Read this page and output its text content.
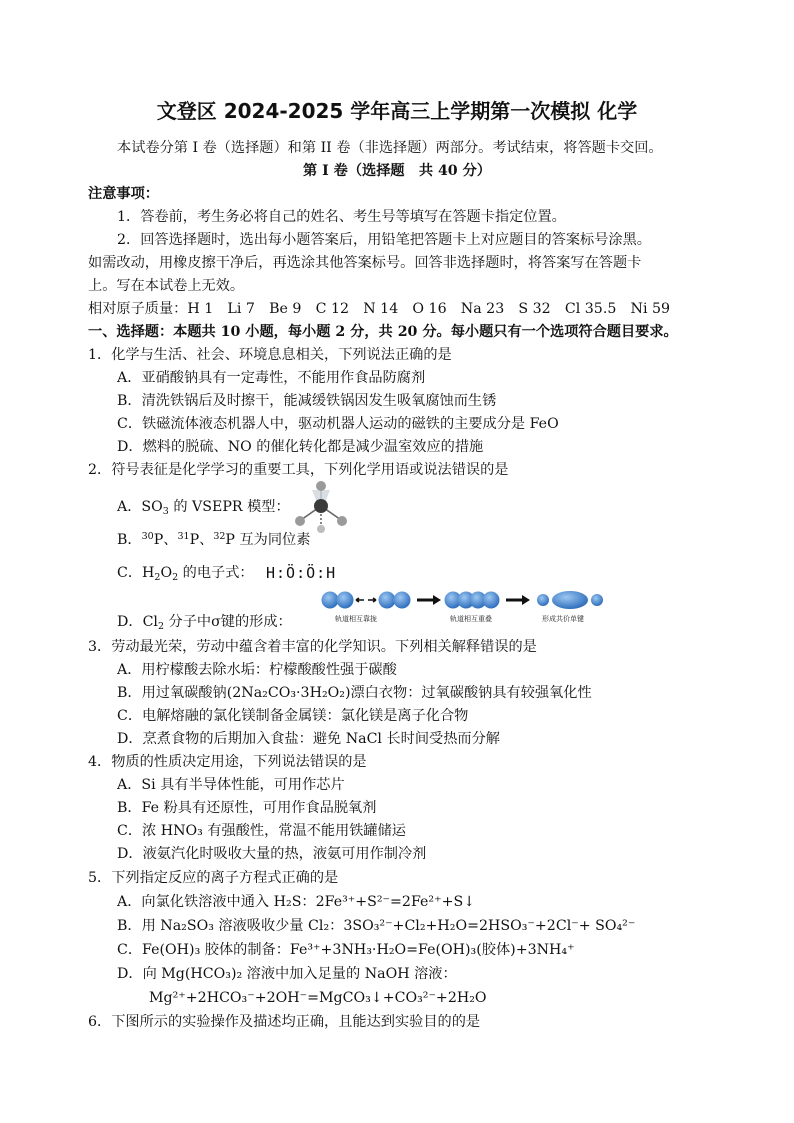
文登区 2024-2025 学年高三上学期第一次模拟 化学
本试卷分第 I 卷（选择题）和第 II 卷（非选择题）两部分。考试结束，将答题卡交回。
第 I 卷（选择题　共 40 分）
注意事项：
1．答卷前，考生务必将自己的姓名、考生号等填写在答题卡指定位置。
2．回答选择题时，选出每小题答案后，用铅笔把答题卡上对应题目的答案标号涂黑。
如需改动，用橡皮擦干净后，再选涂其他答案标号。回答非选择题时，将答案写在答题卡
上。写在本试卷上无效。
相对原子质量：H 1　Li 7　Be 9　C 12　N 14　O 16　Na 23　S 32　Cl 35.5　Ni 59
一、选择题：本题共 10 小题，每小题 2 分，共 20 分。每小题只有一个选项符合题目要求。
1．化学与生活、社会、环境息息相关，下列说法正确的是
A．亚硝酸钠具有一定毒性，不能用作食品防腐剂
B．清洗铁锅后及时擦干，能减缓铁锅因发生吸氧腐蚀而生锈
C．铁磁流体液态机器人中，驱动机器人运动的磁铁的主要成分是 FeO
D．燃料的脱硫、NO 的催化转化都是减少温室效应的措施
2．符号表征是化学学习的重要工具，下列化学用语或说法错误的是
A．$SO_3$ 的 VSEPR 模型：
B．$^{30}$P、$^{31}$P、$^{32}$P 互为同位素
C．$H_2O_2$ 的电子式： H:Ö:Ö:H
D．$Cl_2$ 分子中σ键的形成：	轨道相互靠拢	轨道相互重叠	形成共价单键
3．劳动最光荣，劳动中蕴含着丰富的化学知识。下列相关解释错误的是
A．用柠檬酸去除水垢：柠檬酸酸性强于碳酸
B．用过氧碳酸钠(2Na₂CO₃·3H₂O₂)漂白衣物：过氧碳酸钠具有较强氧化性
C．电解熔融的氯化镁制备金属镁：氯化镁是离子化合物
D．烹煮食物的后期加入食盐：避免 NaCl 长时间受热而分解
4．物质的性质决定用途，下列说法错误的是
A．Si 具有半导体性能，可用作芯片
B．Fe 粉具有还原性，可用作食品脱氧剂
C．浓 HNO₃ 有强酸性，常温不能用铁罐储运
D．液氨汽化时吸收大量的热，液氨可用作制冷剂
5．下列指定反应的离子方程式正确的是
A．向氯化铁溶液中通入 H₂S：2Fe³⁺+S²⁻=2Fe²⁺+S↓
B．用 Na₂SO₃ 溶液吸收少量 Cl₂：3SO₃²⁻+Cl₂+H₂O=2HSO₃⁻+2Cl⁻+ SO₄²⁻
C．Fe(OH)₃ 胶体的制备：Fe³⁺+3NH₃·H₂O=Fe(OH)₃(胶体)+3NH₄⁺
D．向 Mg(HCO₃)₂ 溶液中加入足量的 NaOH 溶液：
Mg²⁺+2HCO₃⁻+2OH⁻=MgCO₃↓+CO₃²⁻+2H₂O
6．下图所示的实验操作及描述均正确，且能达到实验目的的是
